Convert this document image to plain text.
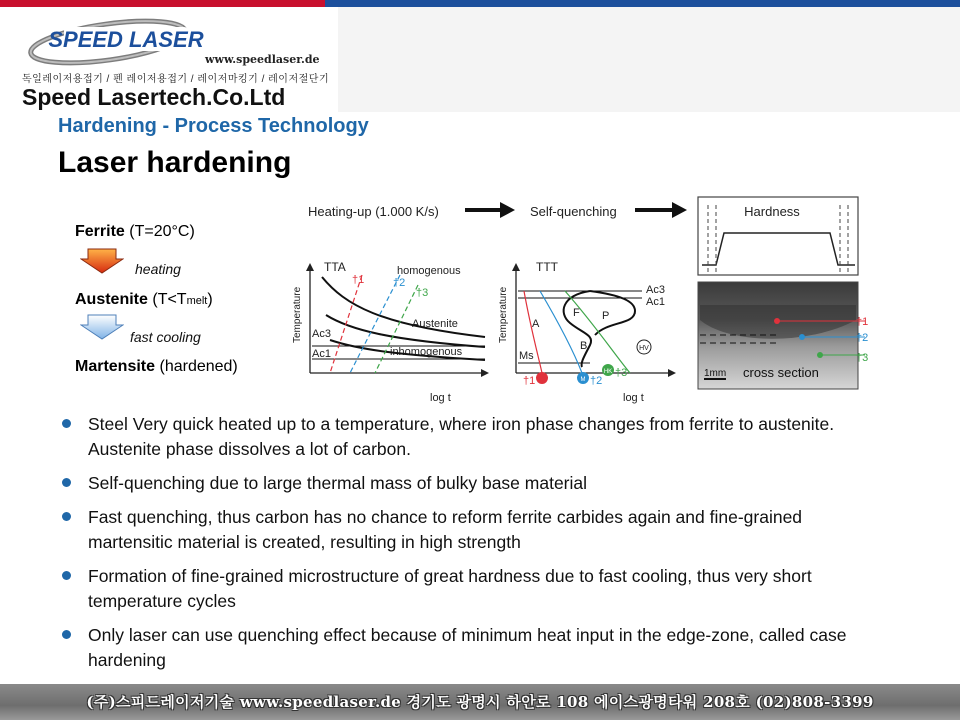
SPEED LASER
www.speedlaser.de
독일레이저용접기 / 펜 레이저용접기 / 레이저마킹기 / 레이저절단기
Speed Lasertech.Co.Ltd
Hardening - Process Technology
Laser hardening
Ferrite (T=20°C)
heating
Austenite (T<Tmelt)
fast cooling
Martensite (hardened)
Heating-up (1.000 K/s)	Self-quenching	Hardness
TTA
Temperature
log t
homogenous
Austenite
inhomogenous
Ac3
Ac1
†1	†2
†3
TTT
Temperature
log t
Ac3
Ac1
A
F P
B
Ms
HV
M
HK
†1	†2
†3
†1
†2
†3
1mm cross section
Steel Very quick heated up to a temperature, where iron phase changes from ferrite to austenite. Austenite phase dissolves a lot of carbon.
Self-quenching due to large thermal mass of bulky base material
Fast quenching, thus carbon has no chance to reform ferrite carbides again and fine-grained martensitic material is created, resulting in high strength
Formation of fine-grained microstructure of great hardness due to fast cooling, thus very short temperature cycles
Only laser can use quenching effect because of minimum heat input in the edge-zone, called case hardening
(주)스피드레이저기술 www.speedlaser.de 경기도 광명시 하안로 108 에이스광명타워 208호 (02)808-3399
